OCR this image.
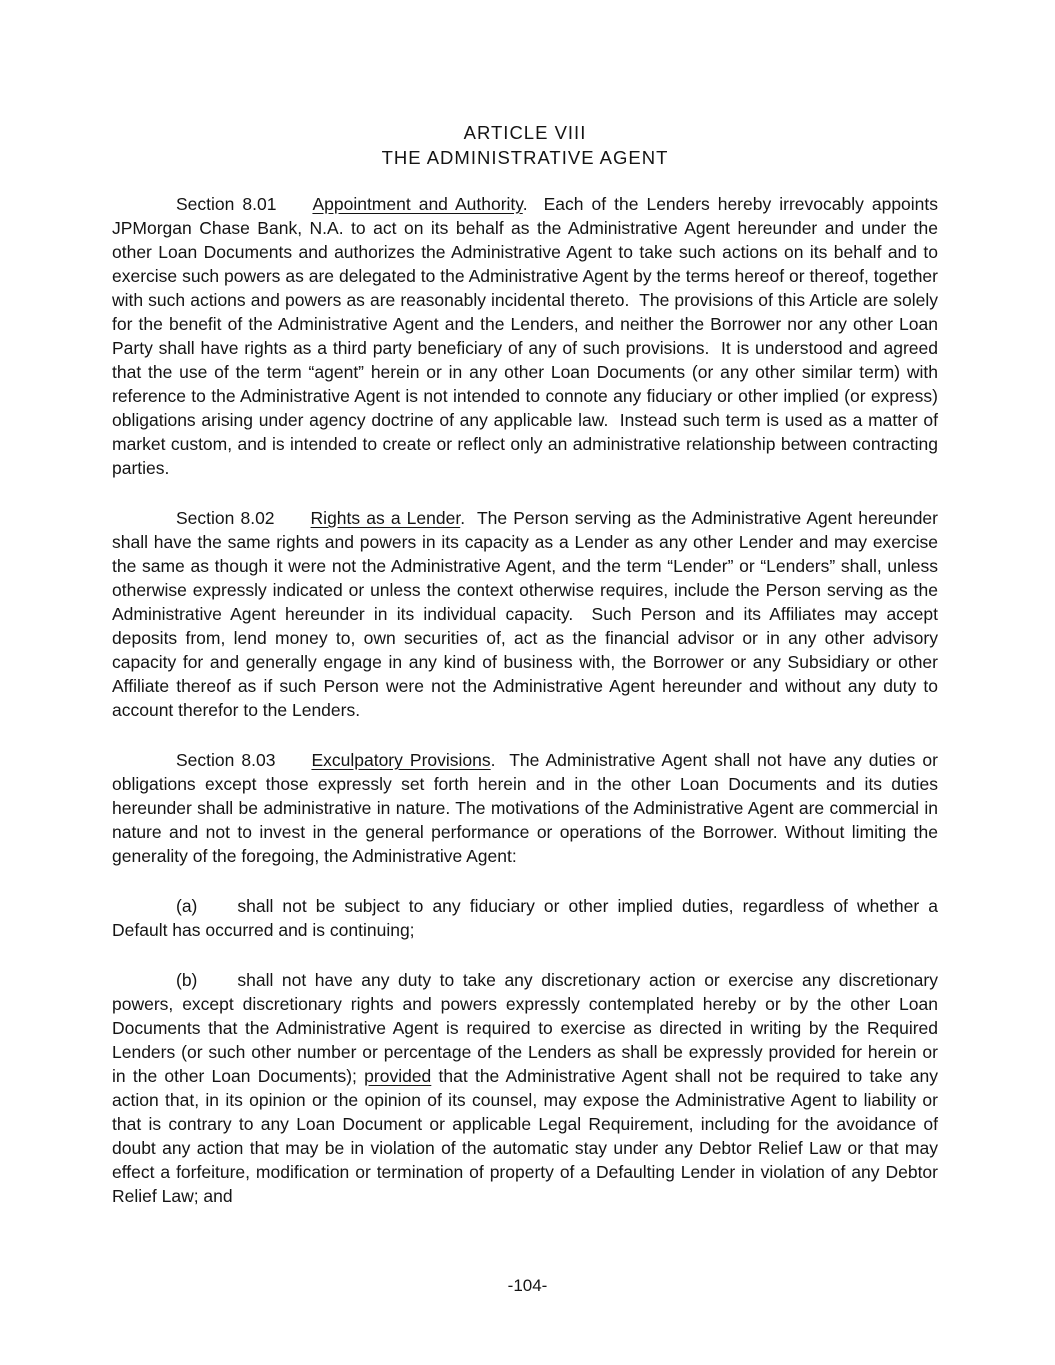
ARTICLE VIII
THE ADMINISTRATIVE AGENT

Section 8.01 Appointment and Authority.  Each of the Lenders hereby irrevocably appoints JPMorgan Chase Bank, N.A. to act on its behalf as the Administrative Agent hereunder and under the other Loan Documents and authorizes the Administrative Agent to take such actions on its behalf and to exercise such powers as are delegated to the Administrative Agent by the terms hereof or thereof, together with such actions and powers as are reasonably incidental thereto.  The provisions of this Article are solely for the benefit of the Administrative Agent and the Lenders, and neither the Borrower nor any other Loan Party shall have rights as a third party beneficiary of any of such provisions.  It is understood and agreed that the use of the term “agent” herein or in any other Loan Documents (or any other similar term) with reference to the Administrative Agent is not intended to connote any fiduciary or other implied (or express) obligations arising under agency doctrine of any applicable law.  Instead such term is used as a matter of market custom, and is intended to create or reflect only an administrative relationship between contracting parties.

Section 8.02 Rights as a Lender.  The Person serving as the Administrative Agent hereunder shall have the same rights and powers in its capacity as a Lender as any other Lender and may exercise the same as though it were not the Administrative Agent, and the term “Lender” or “Lenders” shall, unless otherwise expressly indicated or unless the context otherwise requires, include the Person serving as the Administrative Agent hereunder in its individual capacity.  Such Person and its Affiliates may accept deposits from, lend money to, own securities of, act as the financial advisor or in any other advisory capacity for and generally engage in any kind of business with, the Borrower or any Subsidiary or other Affiliate thereof as if such Person were not the Administrative Agent hereunder and without any duty to account therefor to the Lenders.

Section 8.03 Exculpatory Provisions.  The Administrative Agent shall not have any duties or obligations except those expressly set forth herein and in the other Loan Documents and its duties hereunder shall be administrative in nature. The motivations of the Administrative Agent are commercial in nature and not to invest in the general performance or operations of the Borrower. Without limiting the generality of the foregoing, the Administrative Agent:

(a) shall not be subject to any fiduciary or other implied duties, regardless of whether a Default has occurred and is continuing;

(b) shall not have any duty to take any discretionary action or exercise any discretionary powers, except discretionary rights and powers expressly contemplated hereby or by the other Loan Documents that the Administrative Agent is required to exercise as directed in writing by the Required Lenders (or such other number or percentage of the Lenders as shall be expressly provided for herein or in the other Loan Documents); provided that the Administrative Agent shall not be required to take any action that, in its opinion or the opinion of its counsel, may expose the Administrative Agent to liability or that is contrary to any Loan Document or applicable Legal Requirement, including for the avoidance of doubt any action that may be in violation of the automatic stay under any Debtor Relief Law or that may effect a forfeiture, modification or termination of property of a Defaulting Lender in violation of any Debtor Relief Law; and

-104-
